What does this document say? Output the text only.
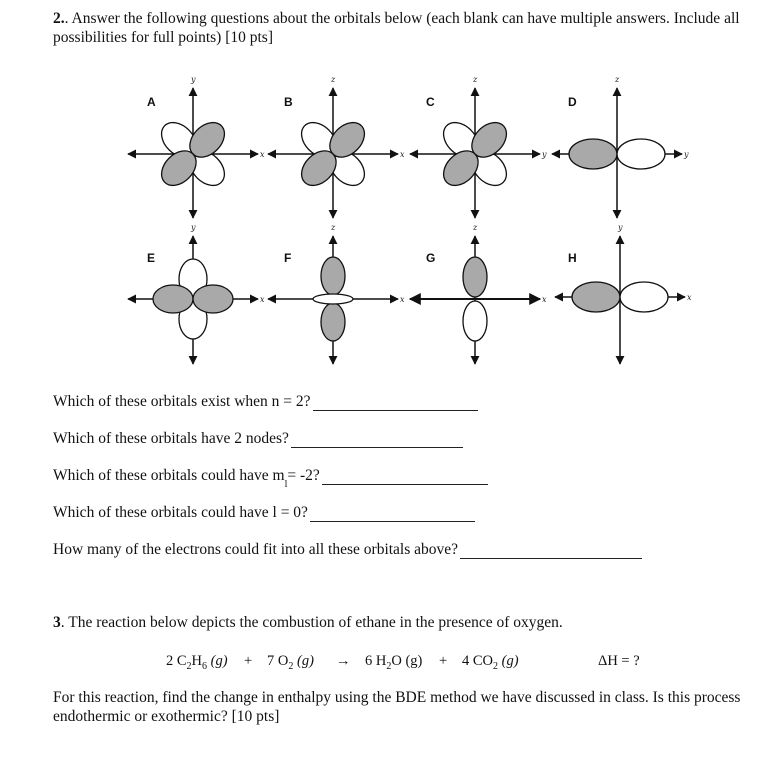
2.. Answer the following questions about the orbitals below (each blank can have multiple answers. Include all possibilities for full points) [10 pts]
A
x
y
B
x
z
C
y
z
D
y
z
E
x
y
F
x
z
G
x
z
H
x
y
Which of these orbitals exist when n = 2?
Which of these orbitals have 2 nodes?
Which of these orbitals could have m
l
= -2?
Which of these orbitals could have l = 0?
How many of the electrons could fit into all these orbitals above?
3. The reaction below depicts the combustion of ethane in the presence of oxygen.
2 $C_2H_6$ (g) + 7 $O_2$ (g) → 6 $H_2O$ (g) + 4 $CO_2$ (g)	ΔH = ?
For this reaction, find the change in enthalpy using the BDE method we have discussed in class. Is this process endothermic or exothermic? [10 pts]
